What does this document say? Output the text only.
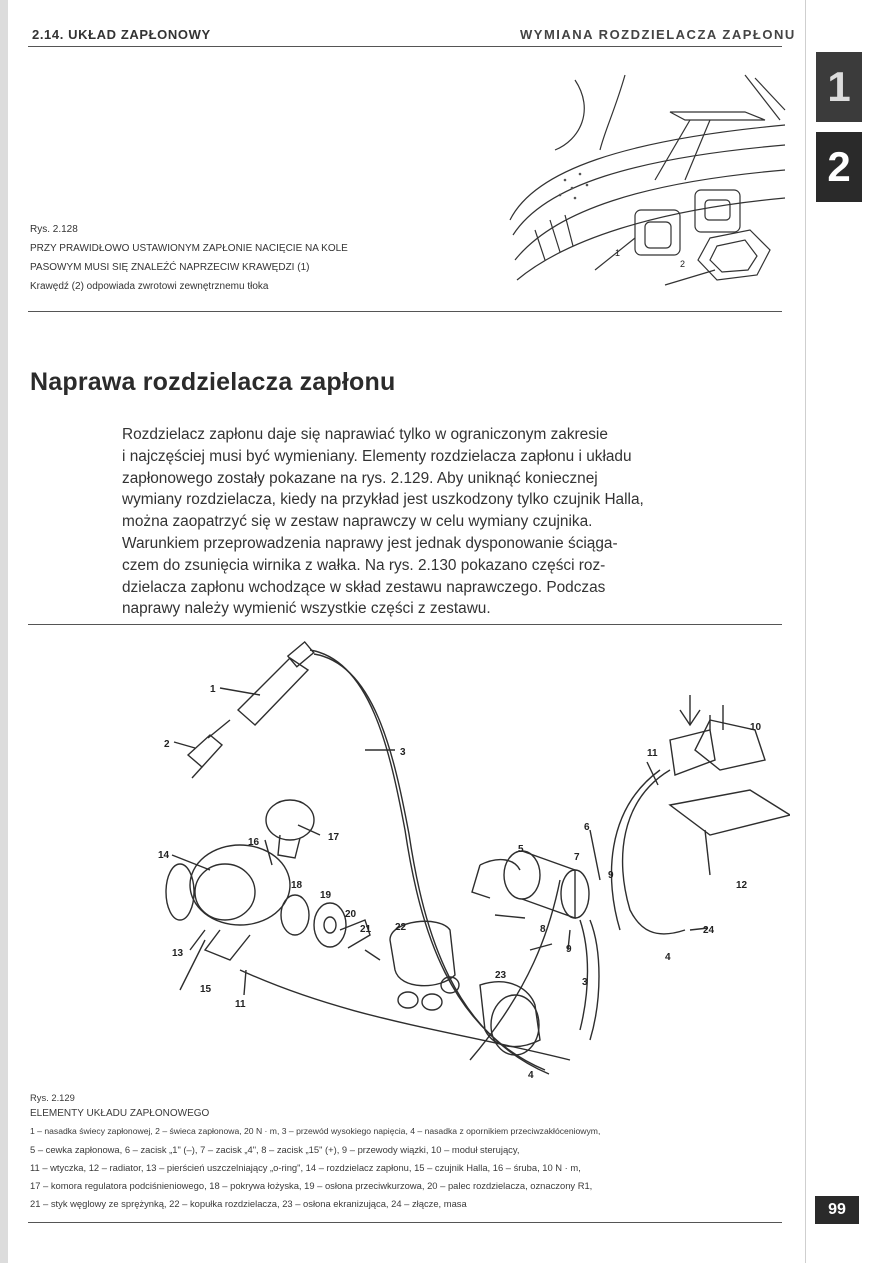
2.14. UKŁAD ZAPŁONOWY	WYMIANA ROZDZIELACZA ZAPŁONU
1
2
1
2
Rys. 2.128
PRZY PRAWIDŁOWO USTAWIONYM ZAPŁONIE NACIĘCIE NA KOLE
PASOWYM MUSI SIĘ ZNALEŹĆ NAPRZECIW KRAWĘDZI (1)
Krawędź (2) odpowiada zwrotowi zewnętrznemu tłoka
Naprawa rozdzielacza zapłonu
Rozdzielacz zapłonu daje się naprawiać tylko w ograniczonym zakresie
i najczęściej musi być wymieniany. Elementy rozdzielacza zapłonu i układu
zapłonowego zostały pokazane na rys. 2.129. Aby uniknąć koniecznej
wymiany rozdzielacza, kiedy na przykład jest uszkodzony tylko czujnik Halla,
można zaopatrzyć się w zestaw naprawczy w celu wymiany czujnika.
Warunkiem przeprowadzenia naprawy jest jednak dysponowanie ściąga-
czem do zsunięcia wirnika z wałka. Na rys. 2.130 pokazano części roz-
dzielacza zapłonu wchodzące w skład zestawu naprawczego. Podczas
naprawy należy wymienić wszystkie części z zestawu.
1
2
3
4
5
6
7
8
9
10
11
12
13
14
15
16	17
18
19
20
21 22
23
24
3
4
9
11
Rys. 2.129
ELEMENTY UKŁADU ZAPŁONOWEGO
1 – nasadka świecy zapłonowej, 2 – świeca zapłonowa, 20 N · m, 3 – przewód wysokiego napięcia, 4 – nasadka z opornikiem przeciwzakłóceniowym,
5 – cewka zapłonowa, 6 – zacisk „1" (–), 7 – zacisk „4", 8 – zacisk „15" (+), 9 – przewody wiązki, 10 – moduł sterujący,
11 – wtyczka, 12 – radiator, 13 – pierścień uszczelniający „o-ring", 14 – rozdzielacz zapłonu, 15 – czujnik Halla, 16 – śruba, 10 N · m,
17 – komora regulatora podciśnieniowego, 18 – pokrywa łożyska, 19 – osłona przeciwkurzowa, 20 – palec rozdzielacza, oznaczony R1,
21 – styk węglowy ze sprężynką, 22 – kopułka rozdzielacza, 23 – osłona ekranizująca, 24 – złącze, masa	99
